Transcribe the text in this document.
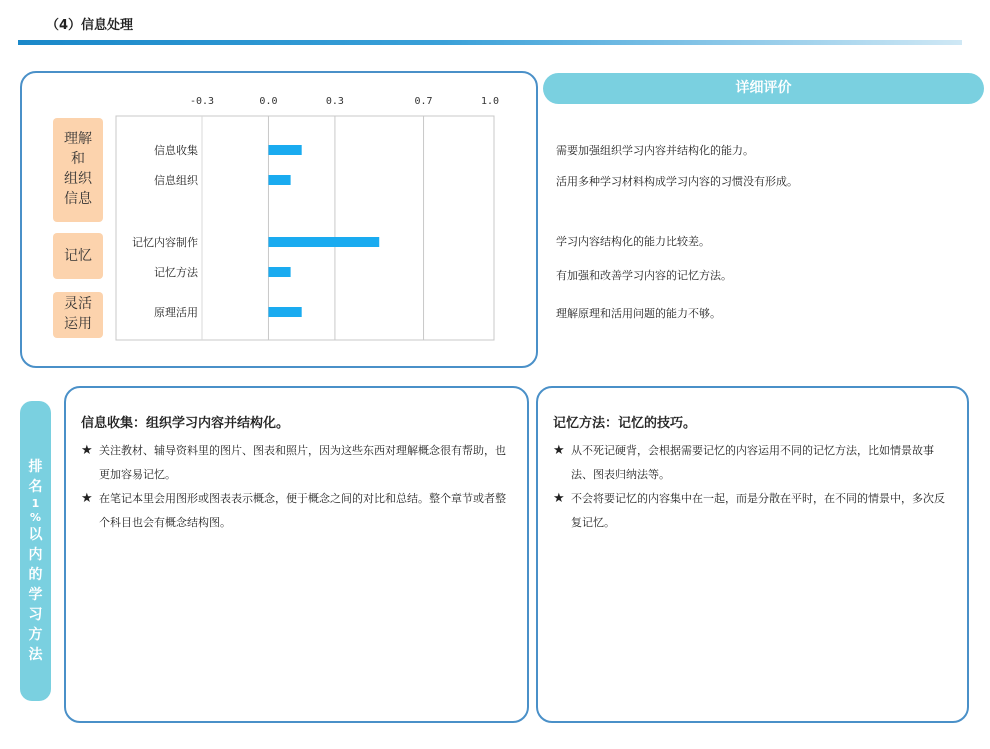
（4）信息处理
理解
和
组织
信息
记忆
灵活
运用
-0.3	0.0	0.3	0.7	1.0
信息收集
信息组织
记忆内容制作
记忆方法
原理活用
详细评价
需要加强组织学习内容并结构化的能力。
活用多种学习材料构成学习内容的习惯没有形成。
学习内容结构化的能力比较差。
有加强和改善学习内容的记忆方法。
理解原理和活用问题的能力不够。
排
名
1
%
以
内
的
学
习
方
法
信息收集：组织学习内容并结构化。
★ 关注教材、辅导资料里的图片、图表和照片，因为这些东西对理解概念很有帮助，也更加容易记忆。
★ 在笔记本里会用图形或图表表示概念，便于概念之间的对比和总结。整个章节或者整个科目也会有概念结构图。
记忆方法：记忆的技巧。
★ 从不死记硬背，会根据需要记忆的内容运用不同的记忆方法，比如情景故事法、图表归纳法等。
★ 不会将要记忆的内容集中在一起，而是分散在平时，在不同的情景中，多次反复记忆。
